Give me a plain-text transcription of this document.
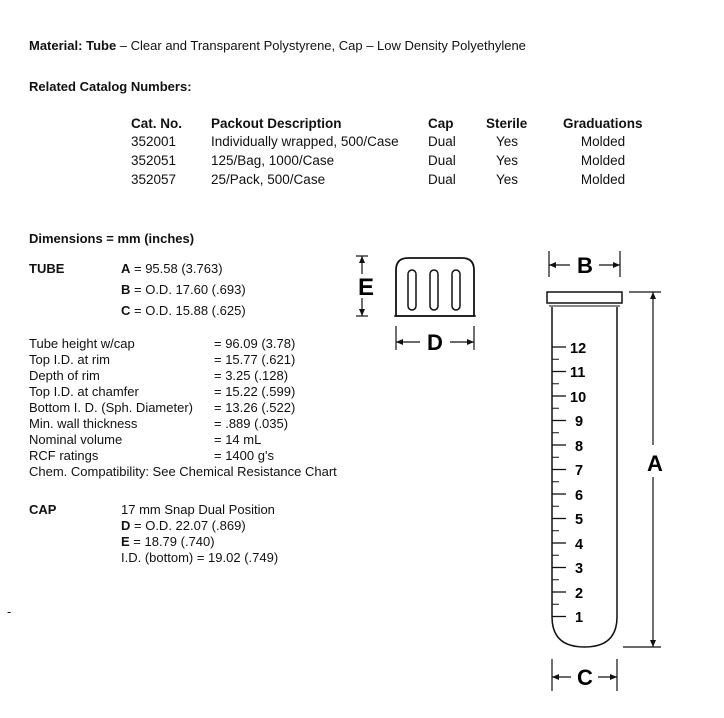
Material: Tube – Clear and Transparent Polystyrene, Cap – Low Density Polyethylene
Related Catalog Numbers:
Cat. No.	Packout Description	Cap	Sterile	Graduations
352001	Individually wrapped, 500/Case	Dual	Yes	Molded
352051	125/Bag, 1000/Case	Dual	Yes	Molded
352057	25/Pack, 500/Case	Dual	Yes	Molded
Dimensions = mm (inches)
TUBE	A = 95.58 (3.763)
B = O.D. 17.60 (.693)
C = O.D. 15.88 (.625)
Tube height w/cap	= 96.09 (3.78)
Top I.D. at rim	= 15.77 (.621)
Depth of rim	= 3.25 (.128)
Top I.D. at chamfer	= 15.22 (.599)
Bottom I. D. (Sph. Diameter) = 13.26 (.522)
Min. wall thickness	= .889 (.035)
Nominal volume	= 14 mL
RCF ratings	= 1400 g's
Chem. Compatibility: See Chemical Resistance Chart
CAP	17 mm Snap Dual Position
D = O.D. 22.07 (.869)
E = 18.79 (.740)
I.D. (bottom) = 19.02 (.749)
-
E
D
B
12
11
10
9
8
7
6
5
4
3
2
1
A
C
